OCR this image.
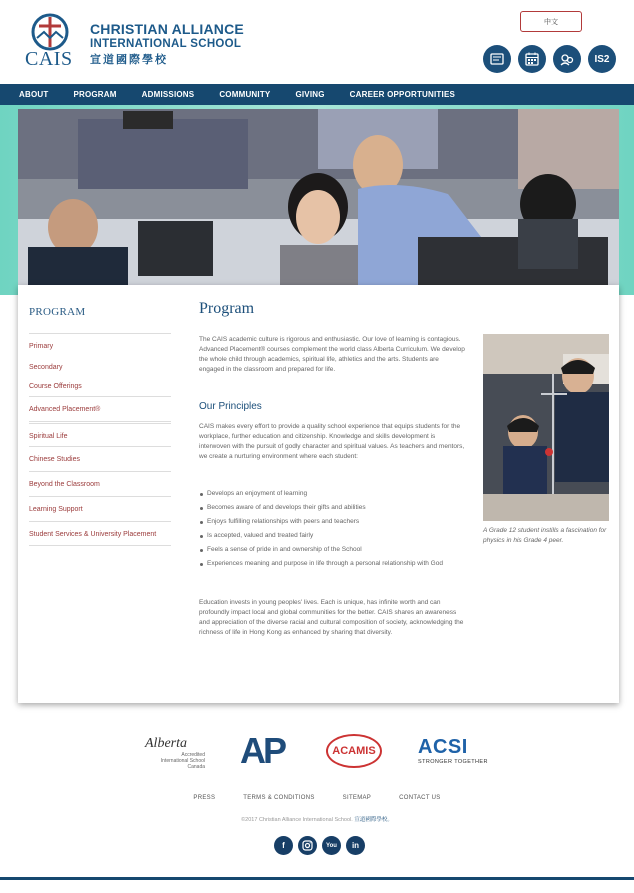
CAIS
CHRISTIAN ALLIANCE
INTERNATIONAL SCHOOL
宣道國際學校
中文
IS2
ABOUT	PROGRAM	ADMISSIONS	COMMUNITY	GIVING	CAREER OPPORTUNITIES
PROGRAM
Primary
Secondary
Course Offerings
Advanced Placement®
Spiritual Life
Chinese Studies
Beyond the Classroom
Learning Support
Student Services & University Placement
Program
The CAIS academic culture is rigorous and enthusiastic. Our love of learning is contagious. Advanced Placement® courses complement the world class Alberta Curriculum. We develop the whole child through academics, spiritual life, athletics and the arts. Students are engaged in the classroom and prepared for life.
Our Principles
CAIS makes every effort to provide a quality school experience that equips students for the workplace, further education and citizenship. Knowledge and skills development is interwoven with the pursuit of godly character and spiritual values. As teachers and mentors, we create a nurturing environment where each student:
Develops an enjoyment of learning
Becomes aware of and develops their gifts and abilities
Enjoys fulfilling relationships with peers and teachers
Is accepted, valued and treated fairly
Feels a sense of pride in and ownership of the School
Experiences meaning and purpose in life through a personal relationship with God
Education invests in young peoples' lives. Each is unique, has infinite worth and can profoundly impact local and global communities for the better. CAIS shares an awareness and appreciation of the diverse racial and cultural composition of society, acknowledging the richness of life in Hong Kong as enhanced by sharing that diversity.
A Grade 12 student instills a fascination for physics in his Grade 4 peer.
Alberta
Accredited
International School
Canada AP	ACAMIS ACSI
STRONGER TOGETHER
PRESS	TERMS & CONDITIONS	SITEMAP	CONTACT US
©2017 Christian Alliance International School. 宣道國際學校。
f	You	in
